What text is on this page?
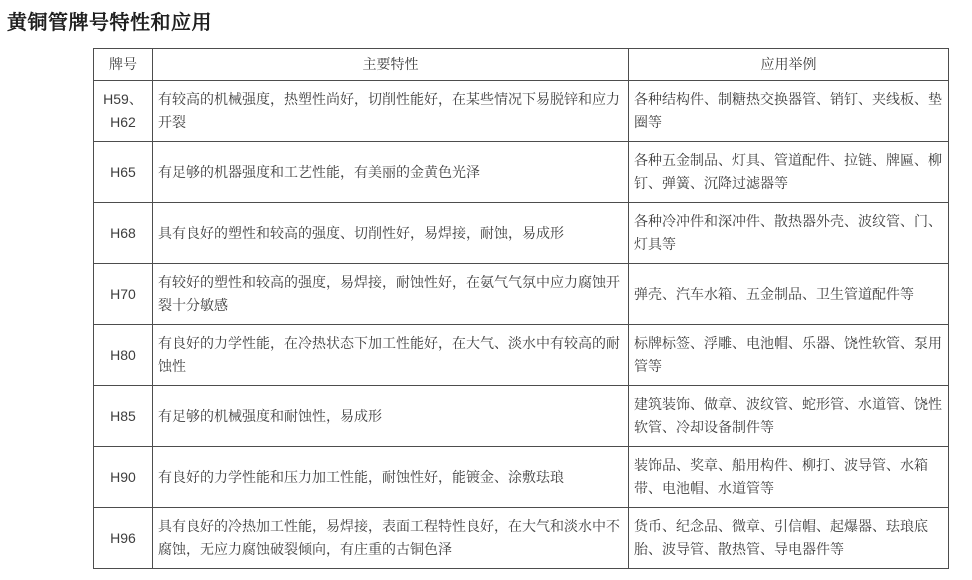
黄铜管牌号特性和应用
牌号	主要特性	应用举例
H59、H62	有较高的机械强度，热塑性尚好，切削性能好，在某些情况下易脱锌和应力开裂	各种结构件、制糖热交换器管、销钉、夹线板、垫圈等
H65	有足够的机器强度和工艺性能，有美丽的金黄色光泽	各种五金制品、灯具、管道配件、拉链、牌匾、柳钉、弹簧、沉降过滤器等
H68	具有良好的塑性和较高的强度、切削性好，易焊接，耐蚀，易成形	各种冷冲件和深冲件、散热器外壳、波纹管、门、灯具等
H70	有较好的塑性和较高的强度，易焊接，耐蚀性好，在氨气气氛中应力腐蚀开裂十分敏感	弹壳、汽车水箱、五金制品、卫生管道配件等
H80	有良好的力学性能，在冷热状态下加工性能好，在大气、淡水中有较高的耐蚀性	标牌标签、浮雕、电池帽、乐器、饶性软管、泵用管等
H85	有足够的机械强度和耐蚀性，易成形	建筑装饰、做章、波纹管、蛇形管、水道管、饶性软管、冷却设备制件等
H90	有良好的力学性能和压力加工性能，耐蚀性好，能镀金、涂敷珐琅	装饰品、奖章、船用构件、柳打、波导管、水箱带、电池帽、水道管等
H96	具有良好的冷热加工性能，易焊接，表面工程特性良好，在大气和淡水中不腐蚀，无应力腐蚀破裂倾向，有庄重的古铜色泽	货币、纪念品、微章、引信帽、起爆器、珐琅底胎、波导管、散热管、导电器件等
